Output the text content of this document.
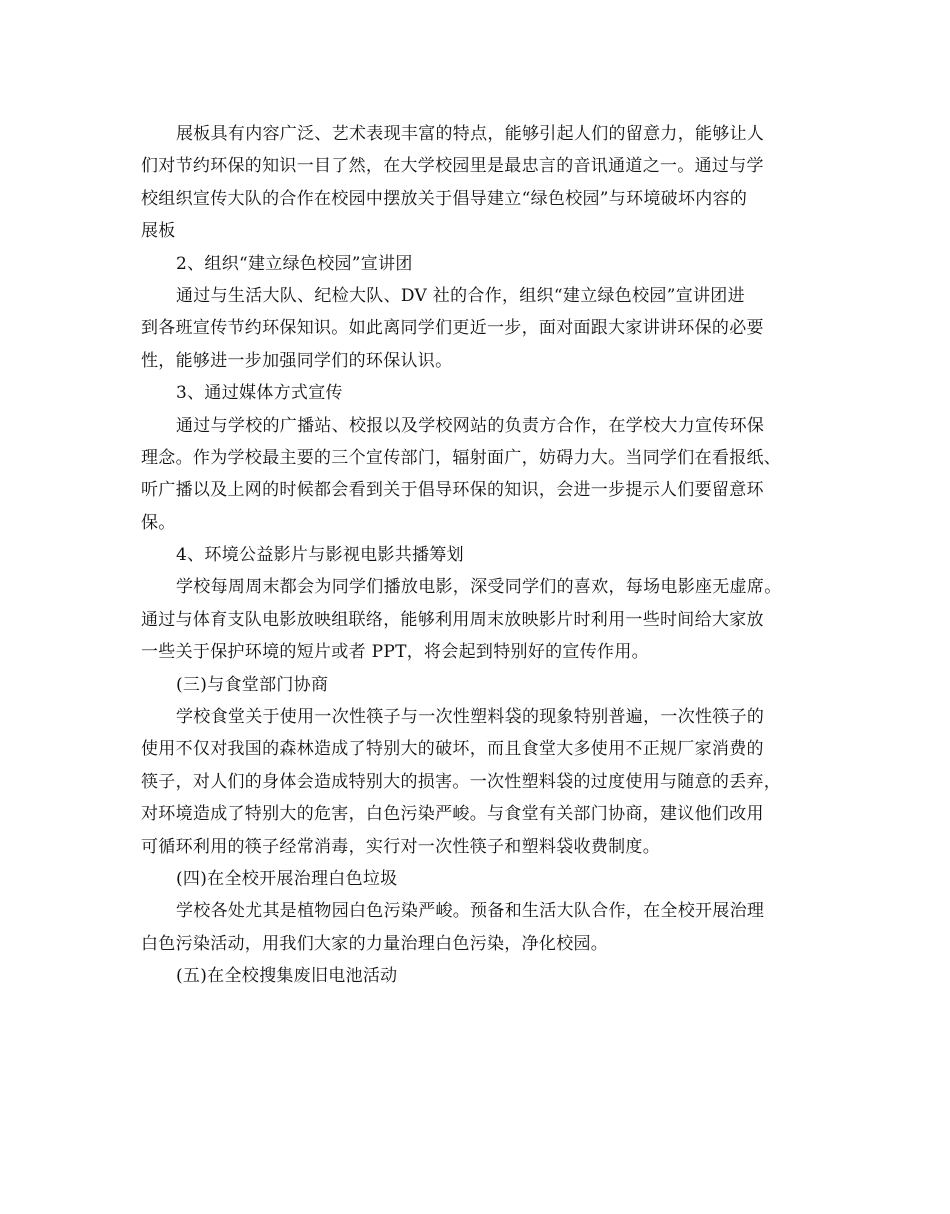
展板具有内容广泛、艺术表现丰富的特点，能够引起人们的留意力，能够让人
们对节约环保的知识一目了然，在大学校园里是最忠言的音讯通道之一。通过与学
校组织宣传大队的合作在校园中摆放关于倡导建立“绿色校园”与环境破坏内容的
展板
2、组织“建立绿色校园”宣讲团
通过与生活大队、纪检大队、DV 社的合作，组织“建立绿色校园”宣讲团进
到各班宣传节约环保知识。如此离同学们更近一步，面对面跟大家讲讲环保的必要
性，能够进一步加强同学们的环保认识。
3、通过媒体方式宣传
通过与学校的广播站、校报以及学校网站的负责方合作，在学校大力宣传环保
理念。作为学校最主要的三个宣传部门，辐射面广，妨碍力大。当同学们在看报纸、
听广播以及上网的时候都会看到关于倡导环保的知识，会进一步提示人们要留意环
保。
4、环境公益影片与影视电影共播筹划
学校每周周末都会为同学们播放电影，深受同学们的喜欢，每场电影座无虚席。
通过与体育支队电影放映组联络，能够利用周末放映影片时利用一些时间给大家放
一些关于保护环境的短片或者 PPT，将会起到特别好的宣传作用。
(三)与食堂部门协商
学校食堂关于使用一次性筷子与一次性塑料袋的现象特别普遍，一次性筷子的
使用不仅对我国的森林造成了特别大的破坏，而且食堂大多使用不正规厂家消费的
筷子，对人们的身体会造成特别大的损害。一次性塑料袋的过度使用与随意的丢弃，
对环境造成了特别大的危害，白色污染严峻。与食堂有关部门协商，建议他们改用
可循环利用的筷子经常消毒，实行对一次性筷子和塑料袋收费制度。
(四)在全校开展治理白色垃圾
学校各处尤其是植物园白色污染严峻。预备和生活大队合作，在全校开展治理
白色污染活动，用我们大家的力量治理白色污染，净化校园。
(五)在全校搜集废旧电池活动
